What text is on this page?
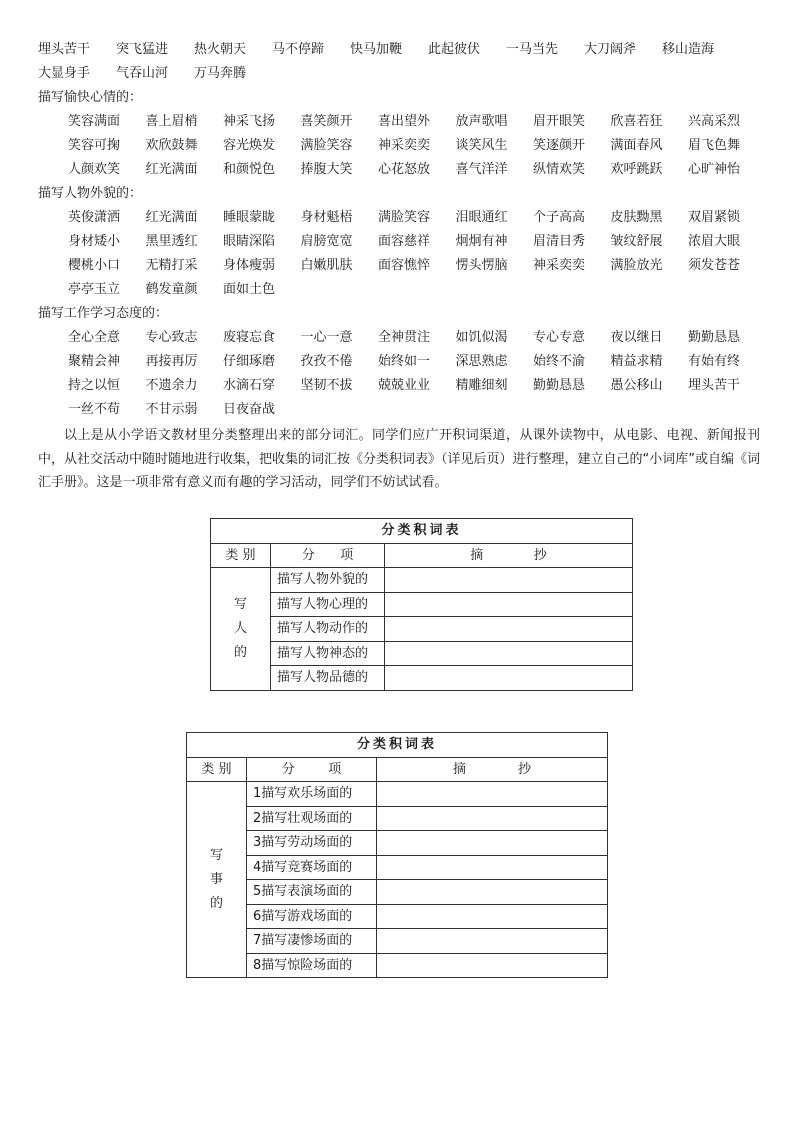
埋头苦干 突飞猛进 热火朝天 马不停蹄 快马加鞭 此起彼伏 一马当先 大刀阔斧 移山造海
大显身手 气吞山河 万马奔腾
描写愉快心情的：
笑容满面 喜上眉梢 神采飞扬 喜笑颜开 喜出望外 放声歌唱 眉开眼笑 欣喜若狂 兴高采烈
笑容可掬 欢欣鼓舞 容光焕发 满脸笑容 神采奕奕 谈笑风生 笑逐颜开 满面春风 眉飞色舞
人颜欢笑 红光满面 和颜悦色 捧腹大笑 心花怒放 喜气洋洋 纵情欢笑 欢呼跳跃 心旷神怡
描写人物外貌的：
英俊潇洒 红光满面 睡眼蒙眬 身材魁梧 满脸笑容 泪眼通红 个子高高 皮肤黝黑 双眉紧锁
身材矮小 黑里透红 眼睛深陷 肩膀宽宽 面容慈祥 炯炯有神 眉清目秀 皱纹舒展 浓眉大眼
樱桃小口 无精打采 身体瘦弱 白嫩肌肤 面容憔悴 愣头愣脑 神采奕奕 满脸放光 须发苍苍
亭亭玉立 鹤发童颜 面如土色
描写工作学习态度的：
全心全意 专心致志 废寝忘食 一心一意 全神贯注 如饥似渴 专心专意 夜以继日 勤勤恳恳
聚精会神 再接再厉 仔细琢磨 孜孜不倦 始终如一 深思熟虑 始终不渝 精益求精 有始有终
持之以恒 不遗余力 水滴石穿 坚韧不拔 兢兢业业 精雕细刻 勤勤恳恳 愚公移山 埋头苦干
一丝不苟 不甘示弱 日夜奋战
以上是从小学语文教材里分类整理出来的部分词汇。同学们应广开积词渠道，从课外读物中，从电影、电视、新闻报刊中，从社交活动中随时随地进行收集，把收集的词汇按《分类积词表》（详见后页）进行整理，建立自己的“小词库”或自编《词汇手册》。这是一项非常有意义而有趣的学习活动，同学们不妨试试看。
分类积词表		
类 别	分 项	摘 抄

写
人
的	描写人物外貌的	
	描写人物心理的	
	描写人物动作的	
	描写人物神态的	
	描写人物品德的	
分类积词表		
类 别	分 项	摘 抄

写
事
的	1描写欢乐场面的	
	2描写壮观场面的	
	3描写劳动场面的	
	4描写竞赛场面的	
	5描写表演场面的	
	6描写游戏场面的	
	7描写凄惨场面的	
	8描写惊险场面的	
